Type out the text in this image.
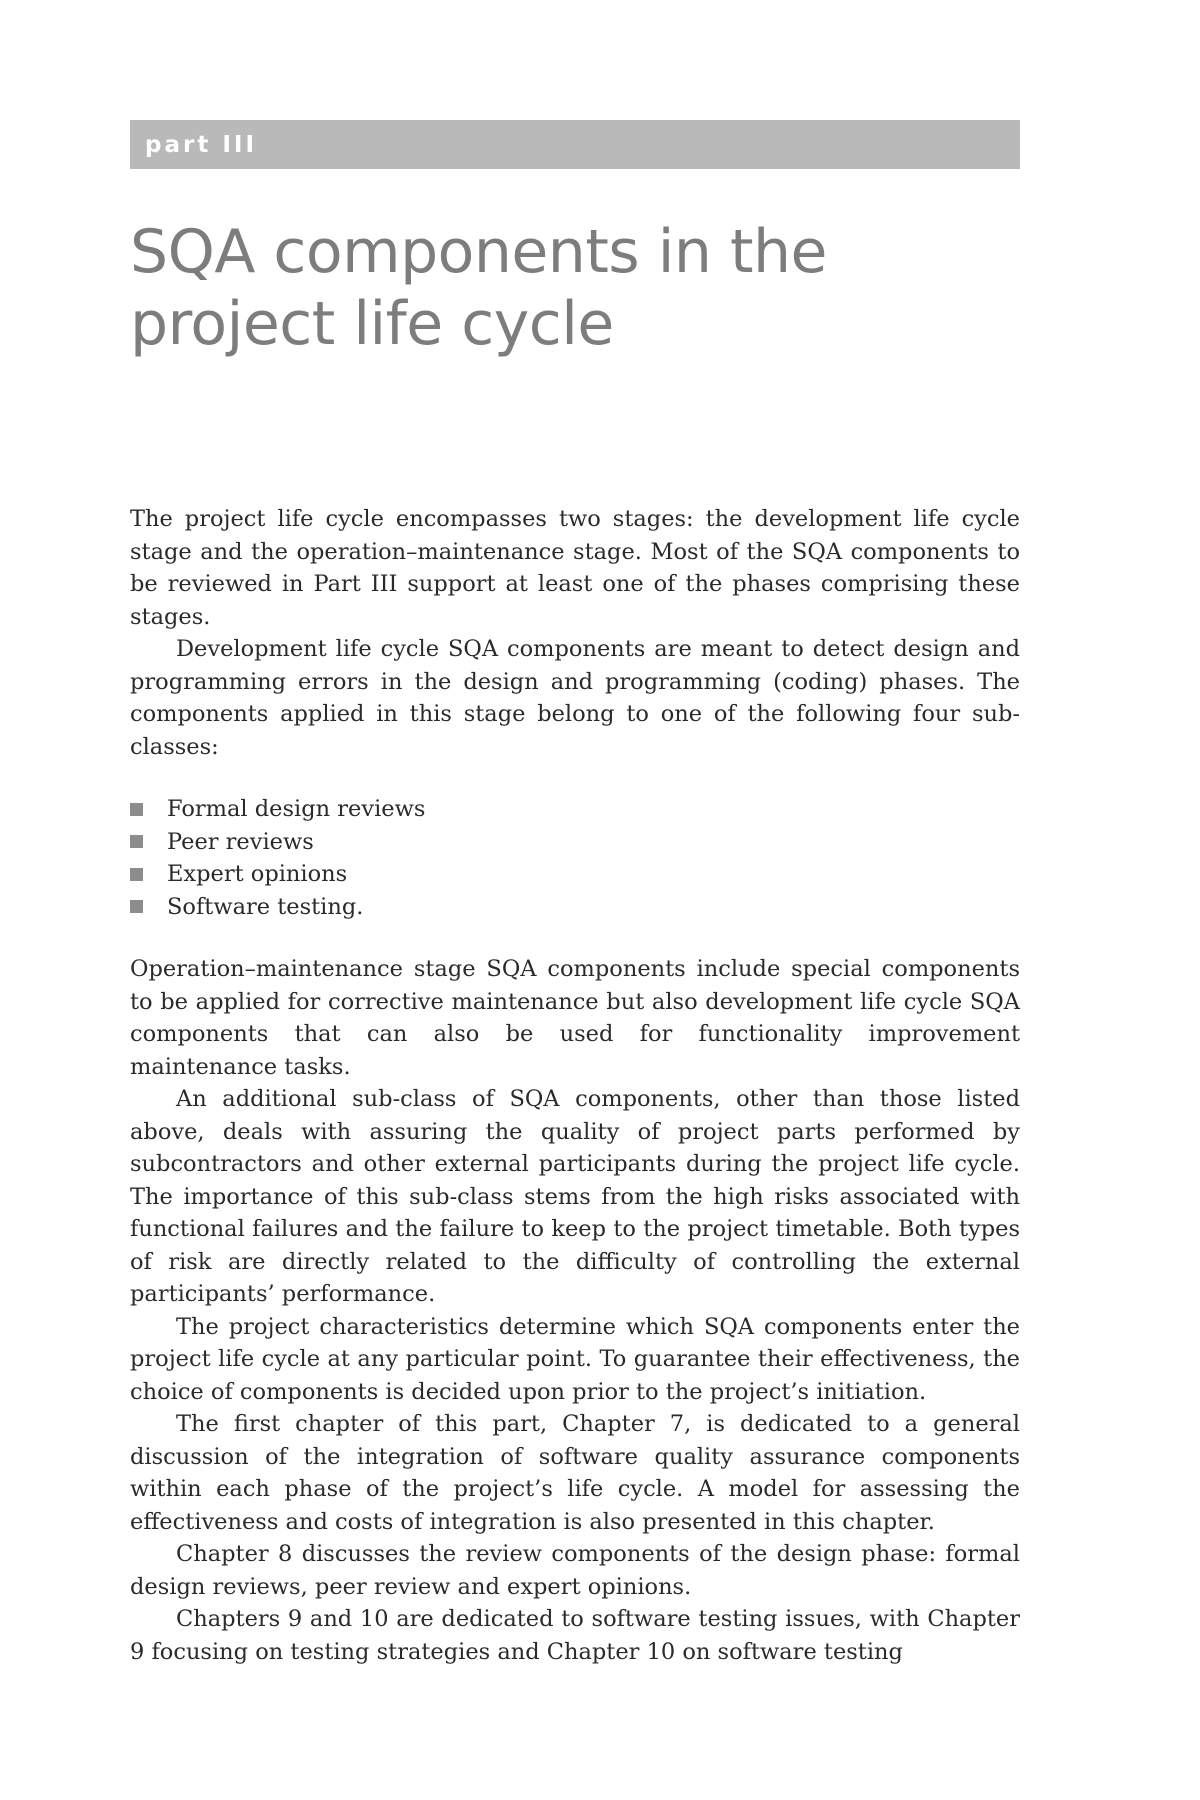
part III
SQA components in the
project life cycle

The project life cycle encompasses two stages: the development life cycle stage and the operation–maintenance stage. Most of the SQA components to be reviewed in Part III support at least one of the phases comprising these stages.

Development life cycle SQA components are meant to detect design and programming errors in the design and programming (coding) phases. The components applied in this stage belong to one of the following four sub-classes:

Formal design reviews
Peer reviews
Expert opinions
Software testing.

Operation–maintenance stage SQA components include special components to be applied for corrective maintenance but also development life cycle SQA components that can also be used for functionality improvement maintenance tasks.

An additional sub-class of SQA components, other than those listed above, deals with assuring the quality of project parts performed by subcontractors and other external participants during the project life cycle. The importance of this sub-class stems from the high risks associated with functional failures and the failure to keep to the project timetable. Both types of risk are directly related to the difficulty of controlling the external participants’ performance.

The project characteristics determine which SQA components enter the project life cycle at any particular point. To guarantee their effectiveness, the choice of components is decided upon prior to the project’s initiation.

The first chapter of this part, Chapter 7, is dedicated to a general discussion of the integration of software quality assurance components within each phase of the project’s life cycle. A model for assessing the effectiveness and costs of integration is also presented in this chapter.

Chapter 8 discusses the review components of the design phase: formal design reviews, peer review and expert opinions.

Chapters 9 and 10 are dedicated to software testing issues, with Chapter 9 focusing on testing strategies and Chapter 10 on software testing
